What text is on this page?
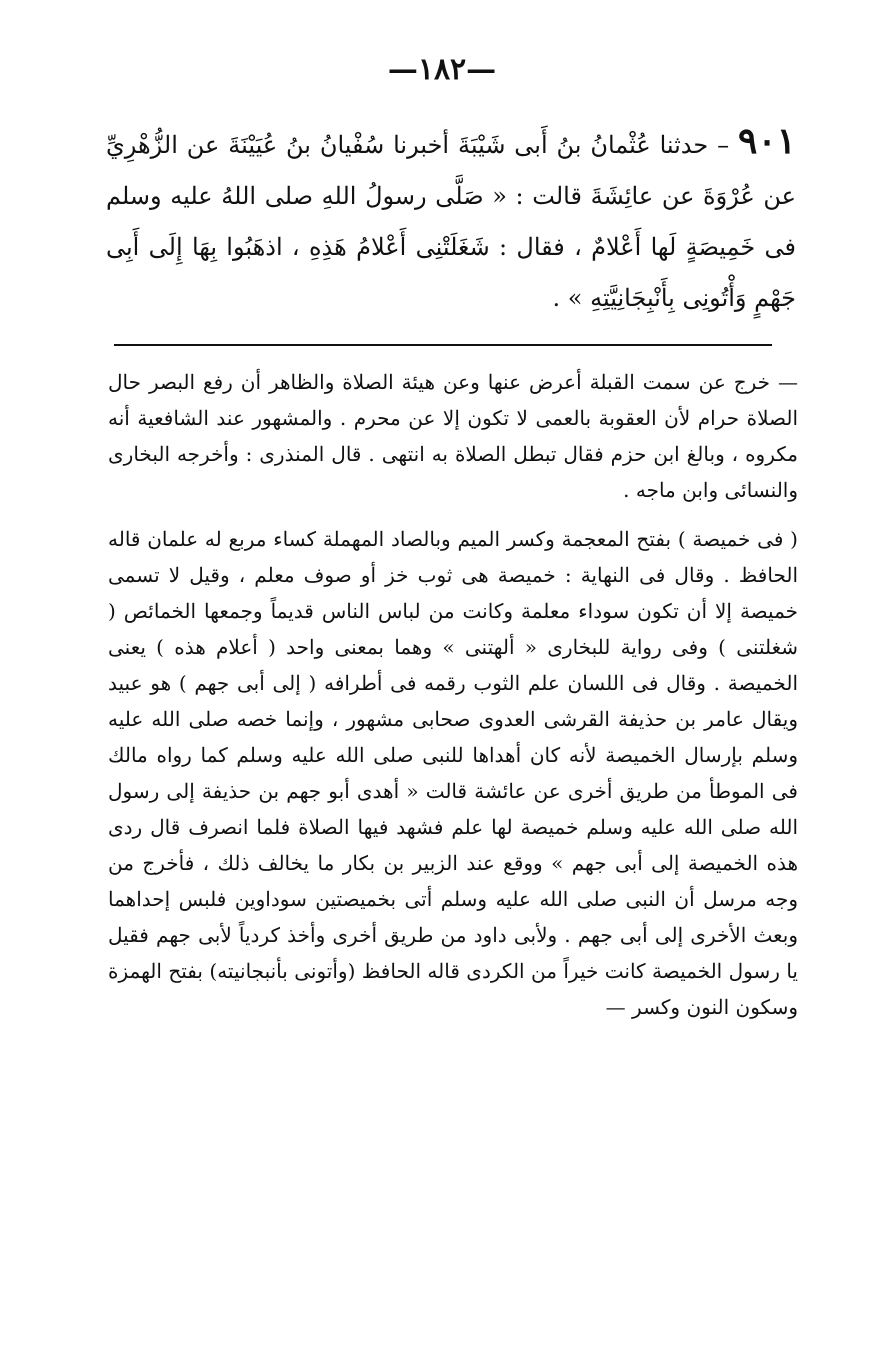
—١٨٢—
٩٠١ – حدثنا عُثْمانُ بنُ أَبى شَيْبَةَ أخبرنا سُفْيانُ بنُ عُيَيْنَةَ عن الزُّهْرِيِّ عن عُرْوَةَ عن عائِشَةَ قالت : « صَلَّى رسولُ اللهِ صلى اللهُ عليه وسلم فى خَمِيصَةٍ لَها أَعْلامٌ ، فقال : شَغَلَتْنِى أَعْلامُ هَذِهِ ، اذهَبُوا بِهَا إِلَى أَبِى جَهْمٍ وَأْتُونِى بِأَنْبِجَانِيَّتِهِ » .

— خرج عن سمت القبلة أعرض عنها وعن هيئة الصلاة والظاهر أن رفع البصر حال الصلاة حرام لأن العقوبة بالعمى لا تكون إلا عن محرم . والمشهور عند الشافعية أنه مكروه ، وبالغ ابن حزم فقال تبطل الصلاة به انتهى . قال المنذرى : وأخرجه البخارى والنسائى وابن ماجه .

( فى خميصة ) بفتح المعجمة وكسر الميم وبالصاد المهملة كساء مربع له علمان قاله الحافظ . وقال فى النهاية : خميصة هى ثوب خز أو صوف معلم ، وقيل لا تسمى خميصة إلا أن تكون سوداء معلمة وكانت من لباس الناس قديماً وجمعها الخمائص ( شغلتنى ) وفى رواية للبخارى « ألهتنى » وهما بمعنى واحد ( أعلام هذه ) يعنى الخميصة . وقال فى اللسان علم الثوب رقمه فى أطرافه ( إلى أبى جهم ) هو عبيد ويقال عامر بن حذيفة القرشى العدوى صحابى مشهور ، وإنما خصه صلى الله عليه وسلم بإرسال الخميصة لأنه كان أهداها للنبى صلى الله عليه وسلم كما رواه مالك فى الموطأ من طريق أخرى عن عائشة قالت « أهدى أبو جهم بن حذيفة إلى رسول الله صلى الله عليه وسلم خميصة لها علم فشهد فيها الصلاة فلما انصرف قال ردى هذه الخميصة إلى أبى جهم » ووقع عند الزبير بن بكار ما يخالف ذلك ، فأخرج من وجه مرسل أن النبى صلى الله عليه وسلم أتى بخميصتين سوداوين فلبس إحداهما وبعث الأخرى إلى أبى جهم . ولأبى داود من طريق أخرى وأخذ كردياً لأبى جهم فقيل يا رسول الخميصة كانت خيراً من الكردى قاله الحافظ (وأتونى بأنبجانيته) بفتح الهمزة وسكون النون وكسر —
